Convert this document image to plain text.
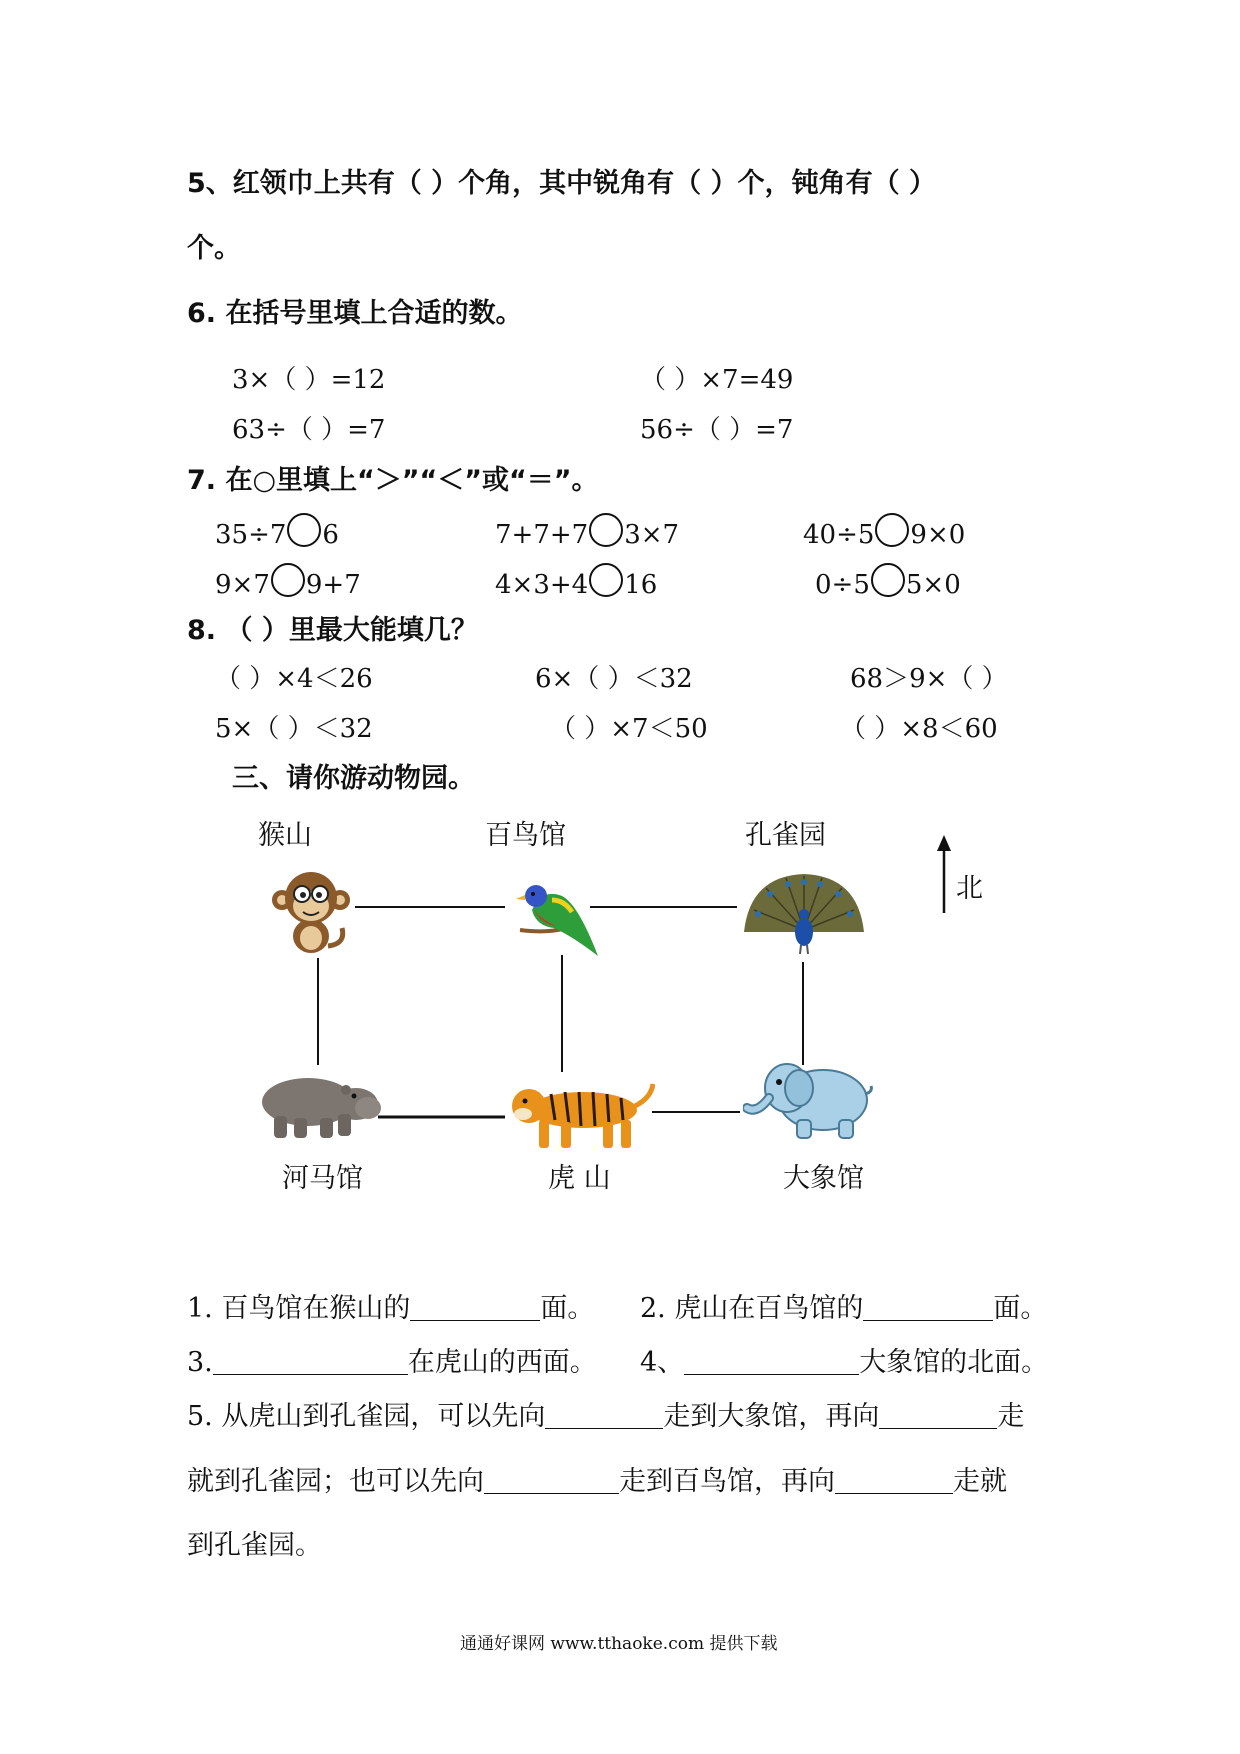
5、红领巾上共有（ ）个角，其中锐角有（ ）个，钝角有（ ）
个。
6. 在括号里填上合适的数。
3×（ ）=12	（ ）×7=49
63÷（ ）=7	56÷（ ）=7
7. 在○里填上“＞”“＜”或“＝”。
35÷7 6	7+7+7 3×7	40÷5 9×0
9×7 9+7	4×3+4 16	0÷5 5×0
8. （ ）里最大能填几？
（ ）×4＜26	6×（ ）＜32	68＞9×（ ）
5×（ ）＜32	（ ）×7＜50	（ ）×8＜60
三、请你游动物园。
猴山	百鸟馆	孔雀园
河马馆	虎 山	大象馆
北
1. 百鸟馆在猴山的	面。 2. 虎山在百鸟馆的	面。
3.	在虎山的西面。 4、	大象馆的北面。
5. 从虎山到孔雀园，可以先向	走到大象馆，再向	走
就到孔雀园；也可以先向	走到百鸟馆，再向	走就
到孔雀园。
通通好课网 www.tthaoke.com 提供下载
